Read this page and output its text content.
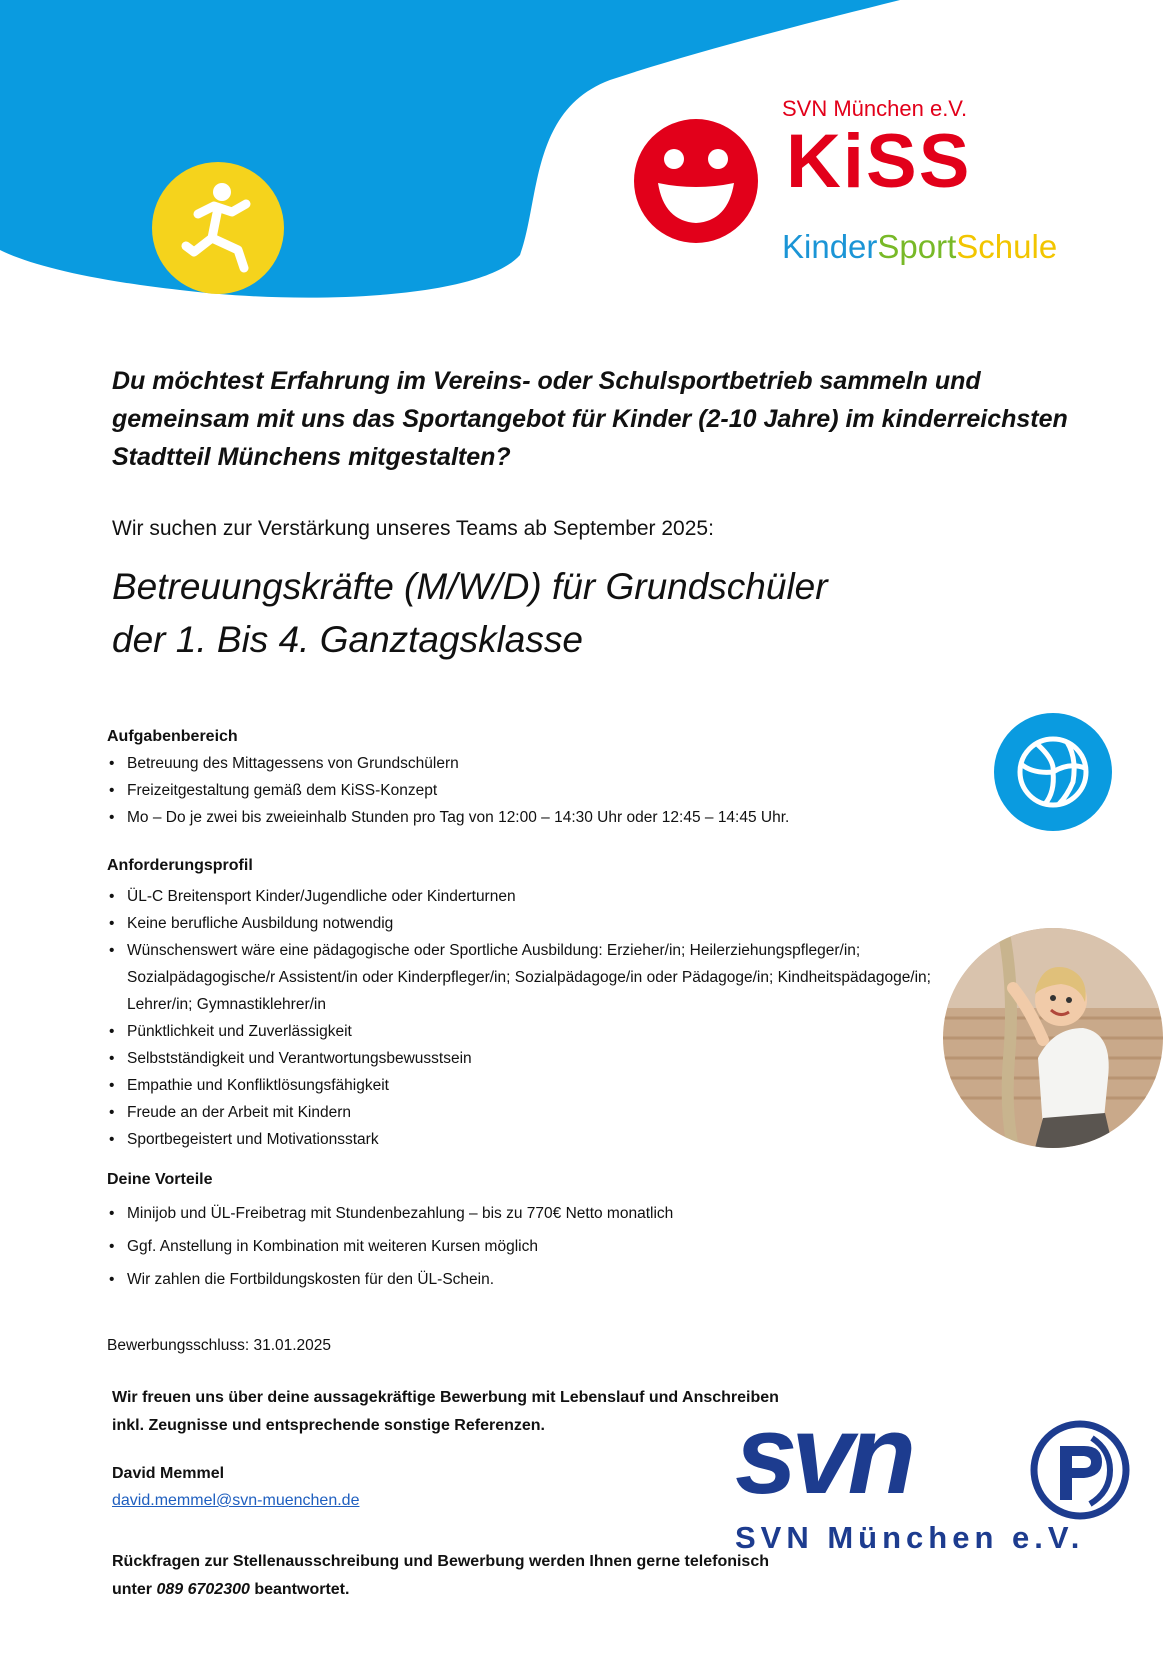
SVN München e.V.
KiSS
KinderSportSchule
Du möchtest Erfahrung im Vereins- oder Schulsportbetrieb sammeln und gemeinsam mit uns das Sportangebot für Kinder (2-10 Jahre) im kinderreichsten Stadtteil Münchens mitgestalten?
Wir suchen zur Verstärkung unseres Teams ab September 2025:
Betreuungskräfte (M/W/D) für Grundschüler
der 1. Bis 4. Ganztagsklasse
Aufgabenbereich
• Betreuung des Mittagessens von Grundschülern
• Freizeitgestaltung gemäß dem KiSS-Konzept
• Mo – Do je zwei bis zweieinhalb Stunden pro Tag von 12:00 – 14:30 Uhr oder 12:45 – 14:45 Uhr.
Anforderungsprofil
• ÜL-C Breitensport Kinder/Jugendliche oder Kinderturnen
• Keine berufliche Ausbildung notwendig
• Wünschenswert wäre eine pädagogische oder Sportliche Ausbildung: Erzieher/in; Heilerziehungspfleger/in; Sozialpädagogische/r Assistent/in oder Kinderpfleger/in; Sozialpädagoge/in oder Pädagoge/in; Kindheitspädagoge/in; Lehrer/in; Gymnastiklehrer/in
• Pünktlichkeit und Zuverlässigkeit
• Selbstständigkeit und Verantwortungsbewusstsein
• Empathie und Konfliktlösungsfähigkeit
• Freude an der Arbeit mit Kindern
• Sportbegeistert und Motivationsstark
Deine Vorteile
• Minijob und ÜL-Freibetrag mit Stundenbezahlung – bis zu 770€ Netto monatlich
• Ggf. Anstellung in Kombination mit weiteren Kursen möglich
• Wir zahlen die Fortbildungskosten für den ÜL-Schein.
Bewerbungsschluss: 31.01.2025
Wir freuen uns über deine aussagekräftige Bewerbung mit Lebenslauf und Anschreiben inkl. Zeugnisse und entsprechende sonstige Referenzen.
David Memmel
david.memmel@svn-muenchen.de
Rückfragen zur Stellenausschreibung und Bewerbung werden Ihnen gerne telefonisch unter 089 6702300 beantwortet.
svn
SVN München e.V.
